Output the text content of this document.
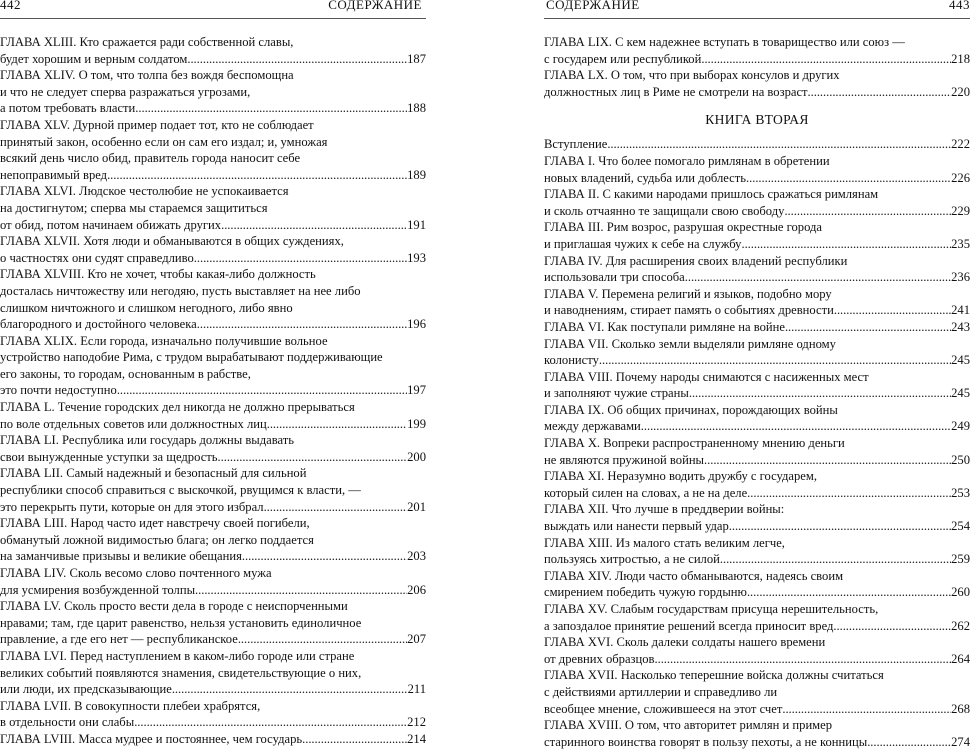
442	СОДЕРЖАНИЕ
ГЛАВА XLIII. Кто сражается ради собственной славы,
будет хорошим и верным солдатом . . .	187
ГЛАВА XLIV. О том, что толпа без вождя беспомощна
и что не следует сперва разражаться угрозами,
а потом требовать власти . . .	188
ГЛАВА XLV. Дурной пример подает тот, кто не соблюдает
принятый закон, особенно если он сам его издал; и, умножая
всякий день число обид, правитель города наносит себе
непоправимый вред . . .	189
ГЛАВА XLVI. Людское честолюбие не успокаивается
на достигнутом; сперва мы стараемся защититься
от обид, потом начинаем обижать других . . .	191
ГЛАВА XLVII. Хотя люди и обманываются в общих суждениях,
о частностях они судят справедливо . . .	193
ГЛАВА XLVIII. Кто не хочет, чтобы какая-либо должность
досталась ничтожеству или негодяю, пусть выставляет на нее либо
слишком ничтожного и слишком негодного, либо явно
благородного и достойного человека . . .	196
ГЛАВА XLIX. Если города, изначально получившие вольное
устройство наподобие Рима, с трудом вырабатывают поддерживающие
его законы, то городам, основанным в рабстве,
это почти недоступно . . .	197
ГЛАВА L. Течение городских дел никогда не должно прерываться
по воле отдельных советов или должностных лиц . . .	199
ГЛАВА LI. Республика или государь должны выдавать
свои вынужденные уступки за щедрость . . .	200
ГЛАВА LII. Самый надежный и безопасный для сильной
республики способ справиться с выскочкой, рвущимся к власти, —
это перекрыть пути, которые он для этого избрал . . .	201
ГЛАВА LIII. Народ часто идет навстречу своей погибели,
обманутый ложной видимостью блага; он легко поддается
на заманчивые призывы и великие обещания . . .	203
ГЛАВА LIV. Сколь весомо слово почтенного мужа
для усмирения возбужденной толпы . . .	206
ГЛАВА LV. Сколь просто вести дела в городе с неиспорченными
нравами; там, где царит равенство, нельзя установить единоличное
правление, а где его нет — республиканское . . .	207
ГЛАВА LVI. Перед наступлением в каком-либо городе или стране
великих событий появляются знамения, свидетельствующие о них,
или люди, их предсказывающие . . .	211
ГЛАВА LVII. В совокупности плебеи храбрятся,
в отдельности они слабы . . .	212
ГЛАВА LVIII. Масса мудрее и постояннее, чем государь . . .	214
СОДЕРЖАНИЕ	443
ГЛАВА LIX. С кем надежнее вступать в товарищество или союз —
с государем или республикой . . .	218
ГЛАВА LX. О том, что при выборах консулов и других
должностных лиц в Риме не смотрели на возраст . . .	220
КНИГА ВТОРАЯ
Вступление . . .	222
ГЛАВА I. Что более помогало римлянам в обретении
новых владений, судьба или доблесть . . .	226
ГЛАВА II. С какими народами пришлось сражаться римлянам
и сколь отчаянно те защищали свою свободу . . .	229
ГЛАВА III. Рим возрос, разрушая окрестные города
и приглашая чужих к себе на службу . . .	235
ГЛАВА IV. Для расширения своих владений республики
использовали три способа . . .	236
ГЛАВА V. Перемена религий и языков, подобно мору
и наводнениям, стирает память о событиях древности . . .	241
ГЛАВА VI. Как поступали римляне на войне . . .	243
ГЛАВА VII. Сколько земли выделяли римляне одному
колонисту . . .	245
ГЛАВА VIII. Почему народы снимаются с насиженных мест
и заполняют чужие страны . . .	245
ГЛАВА IX. Об общих причинах, порождающих войны
между державами . . .	249
ГЛАВА X. Вопреки распространенному мнению деньги
не являются пружиной войны . . .	250
ГЛАВА XI. Неразумно водить дружбу с государем,
который силен на словах, а не на деле . . .	253
ГЛАВА XII. Что лучше в преддверии войны:
выждать или нанести первый удар . . .	254
ГЛАВА XIII. Из малого стать великим легче,
пользуясь хитростью, а не силой . . .	259
ГЛАВА XIV. Люди часто обманываются, надеясь своим
смирением победить чужую гордыню . . .	260
ГЛАВА XV. Слабым государствам присуща нерешительность,
а запоздалое принятие решений всегда приносит вред . . .	262
ГЛАВА XVI. Сколь далеки солдаты нашего времени
от древних образцов . . .	264
ГЛАВА XVII. Насколько теперешние войска должны считаться
с действиями артиллерии и справедливо ли
всеобщее мнение, сложившееся на этот счет . . .	268
ГЛАВА XVIII. О том, что авторитет римлян и пример
старинного воинства говорят в пользу пехоты, а не конницы . . .	274
